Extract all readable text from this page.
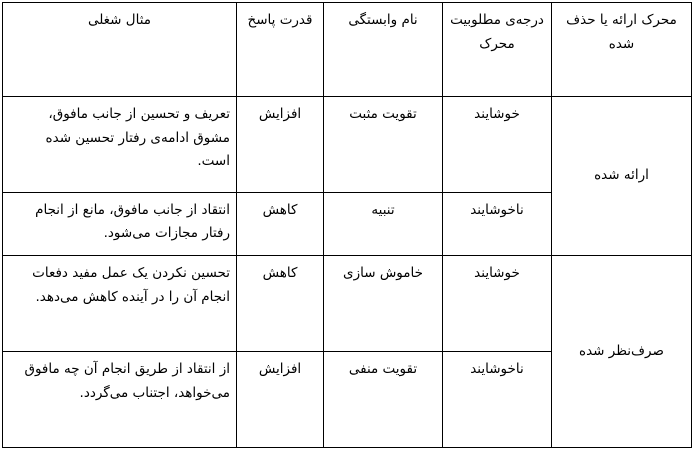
محرک ارائه یا حذف شده	درجه‌ی مطلوبیت محرک	نام وابستگی	قدرت پاسخ	مثال شغلی
ارائه شده	خوشایند	تقویت مثبت	افزایش	تعریف و تحسین از جانب مافوق، مشوق ادامه‌ی رفتار تحسین شده است.
	ناخوشایند	تنبیه	کاهش	انتقاد از جانب مافوق، مانع از انجام رفتار مجازات می‌شود.
صرف‌نظر شده	خوشایند	خاموش سازی	کاهش	تحسین نکردن یک عمل مفید دفعات انجام آن را در آینده کاهش می‌دهد.
	ناخوشایند	تقویت منفی	افزایش	از انتقاد از طریق انجام آن چه مافوق می‌خواهد، اجتناب می‌گردد.
